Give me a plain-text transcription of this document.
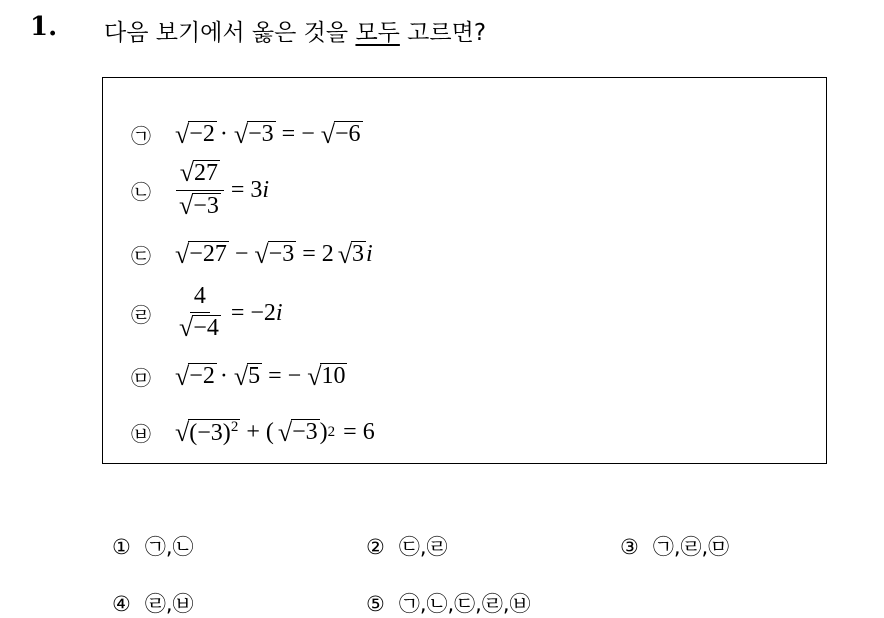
1. 다음 보기에서 옳은 것을 모두 고르면?
㉠ √ −2 · √ −3 = − √ −6
㉡ $\frac{√ 27}{√ -3} = 3$ i
㉢ √ −27 − √ −3 = 2 √ 3 i
㉣	$\frac{4}{√ -4} = -2$ i
㉤ √ −2 · √ 5 = − √ 10
㉥ √ $(-3)^2$ + ( √ −3 ) 2 = 6
① ㉠,㉡	② ㉢,㉣	③ ㉠,㉣,㉤
④ ㉣,㉥	⑤ ㉠,㉡,㉢,㉣,㉥
